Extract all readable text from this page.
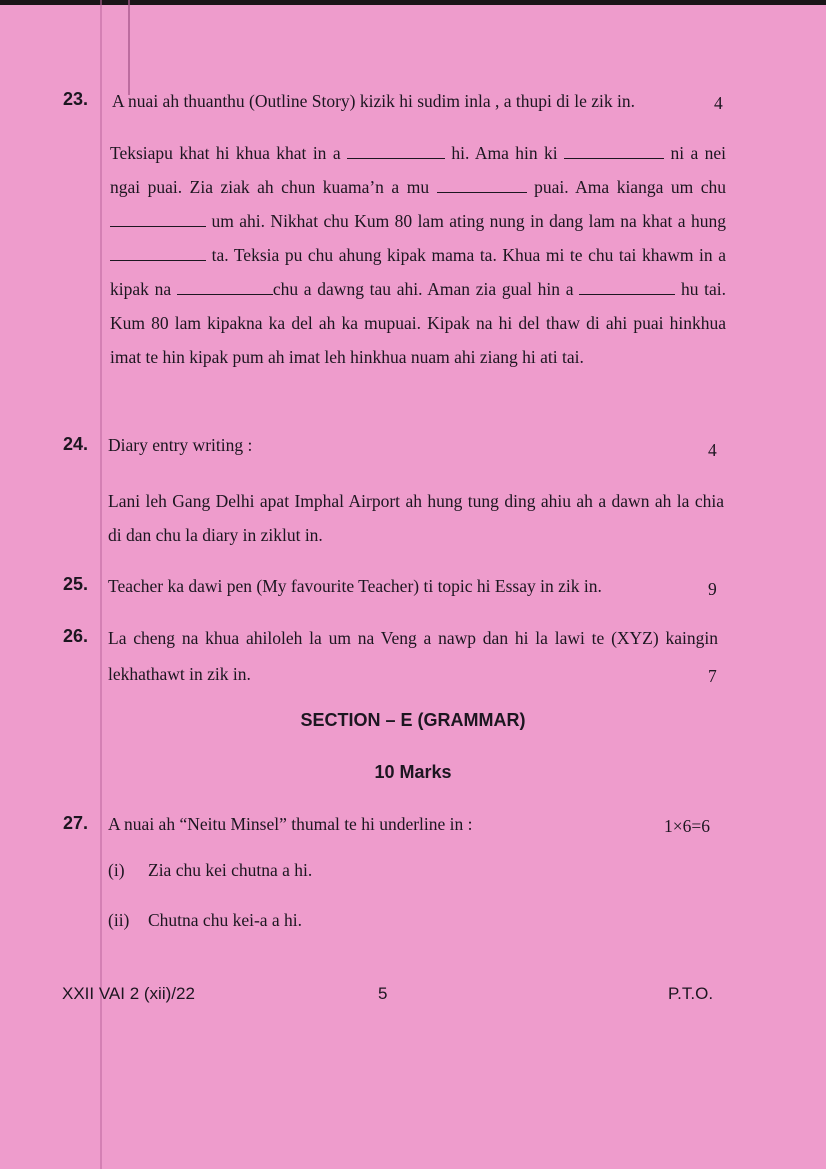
23. A nuai ah thuanthu (Outline Story) kizik hi sudim inla , a thupi di le zik in.	4

Teksiapu khat hi khua khat in a	hi. Ama hin ki	ni a nei ngai puai. Zia ziak ah chun kuama’n a mu	puai. Ama kianga um chu  um ahi. Nikhat chu Kum 80 lam ating nung in dang lam na khat a hung  ta. Teksia pu chu ahung kipak mama ta. Khua mi te chu tai khawm in a kipak na	chu a dawng tau ahi. Aman zia gual hin a	hu tai. Kum 80 lam kipakna ka del ah ka mupuai. Kipak na hi del thaw di ahi puai hinkhua imat te hin kipak pum ah imat leh hinkhua nuam ahi ziang hi ati tai.

24. Diary entry writing :	4
Lani leh Gang Delhi apat Imphal Airport ah hung tung ding ahiu ah a dawn ah la chia di dan chu la diary in ziklut in.
25. Teacher ka dawi pen (My favourite Teacher) ti topic hi Essay in zik in.	9
26. La cheng na khua ahiloleh la um na Veng a nawp dan hi la lawi te (XYZ) kaingin lekhathawt in zik in.	7
SECTION – E (GRAMMAR)
10 Marks
27. A nuai ah “Neitu Minsel” thumal te hi underline in :	1×6=6
(i) Zia chu kei chutna a hi.
(ii) Chutna chu kei-a a hi.
XXII VAI 2 (xii)/22	5	P.T.O.
